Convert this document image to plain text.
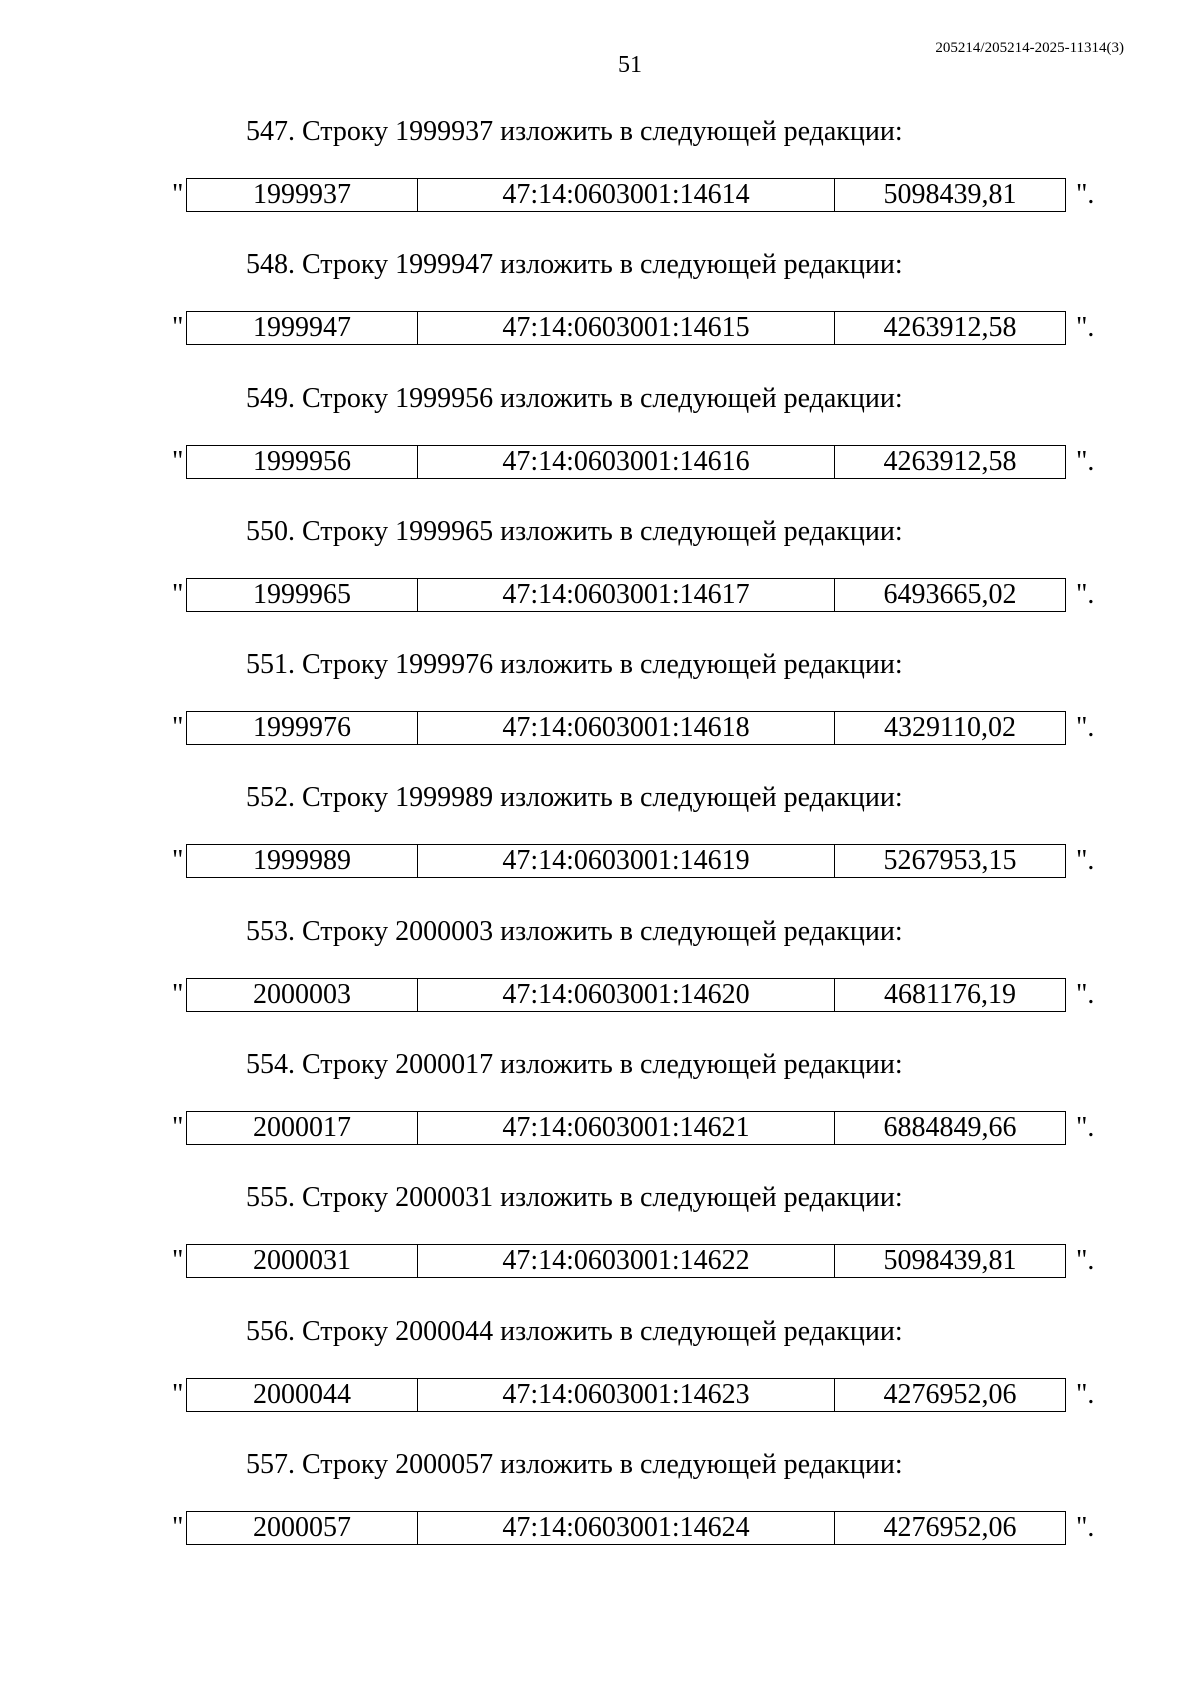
205214/205214-2025-11314(3)
51
547. Строку 1999937 изложить в следующей редакции:
" 1999937	47:14:0603001:14614	5098439,81 ".
548. Строку 1999947 изложить в следующей редакции:
" 1999947	47:14:0603001:14615	4263912,58 ".
549. Строку 1999956 изложить в следующей редакции:
" 1999956	47:14:0603001:14616	4263912,58 ".
550. Строку 1999965 изложить в следующей редакции:
" 1999965	47:14:0603001:14617	6493665,02 ".
551. Строку 1999976 изложить в следующей редакции:
" 1999976	47:14:0603001:14618	4329110,02 ".
552. Строку 1999989 изложить в следующей редакции:
" 1999989	47:14:0603001:14619	5267953,15 ".
553. Строку 2000003 изложить в следующей редакции:
" 2000003	47:14:0603001:14620	4681176,19 ".
554. Строку 2000017 изложить в следующей редакции:
" 2000017	47:14:0603001:14621	6884849,66 ".
555. Строку 2000031 изложить в следующей редакции:
" 2000031	47:14:0603001:14622	5098439,81 ".
556. Строку 2000044 изложить в следующей редакции:
" 2000044	47:14:0603001:14623	4276952,06 ".
557. Строку 2000057 изложить в следующей редакции:
" 2000057	47:14:0603001:14624	4276952,06 ".
